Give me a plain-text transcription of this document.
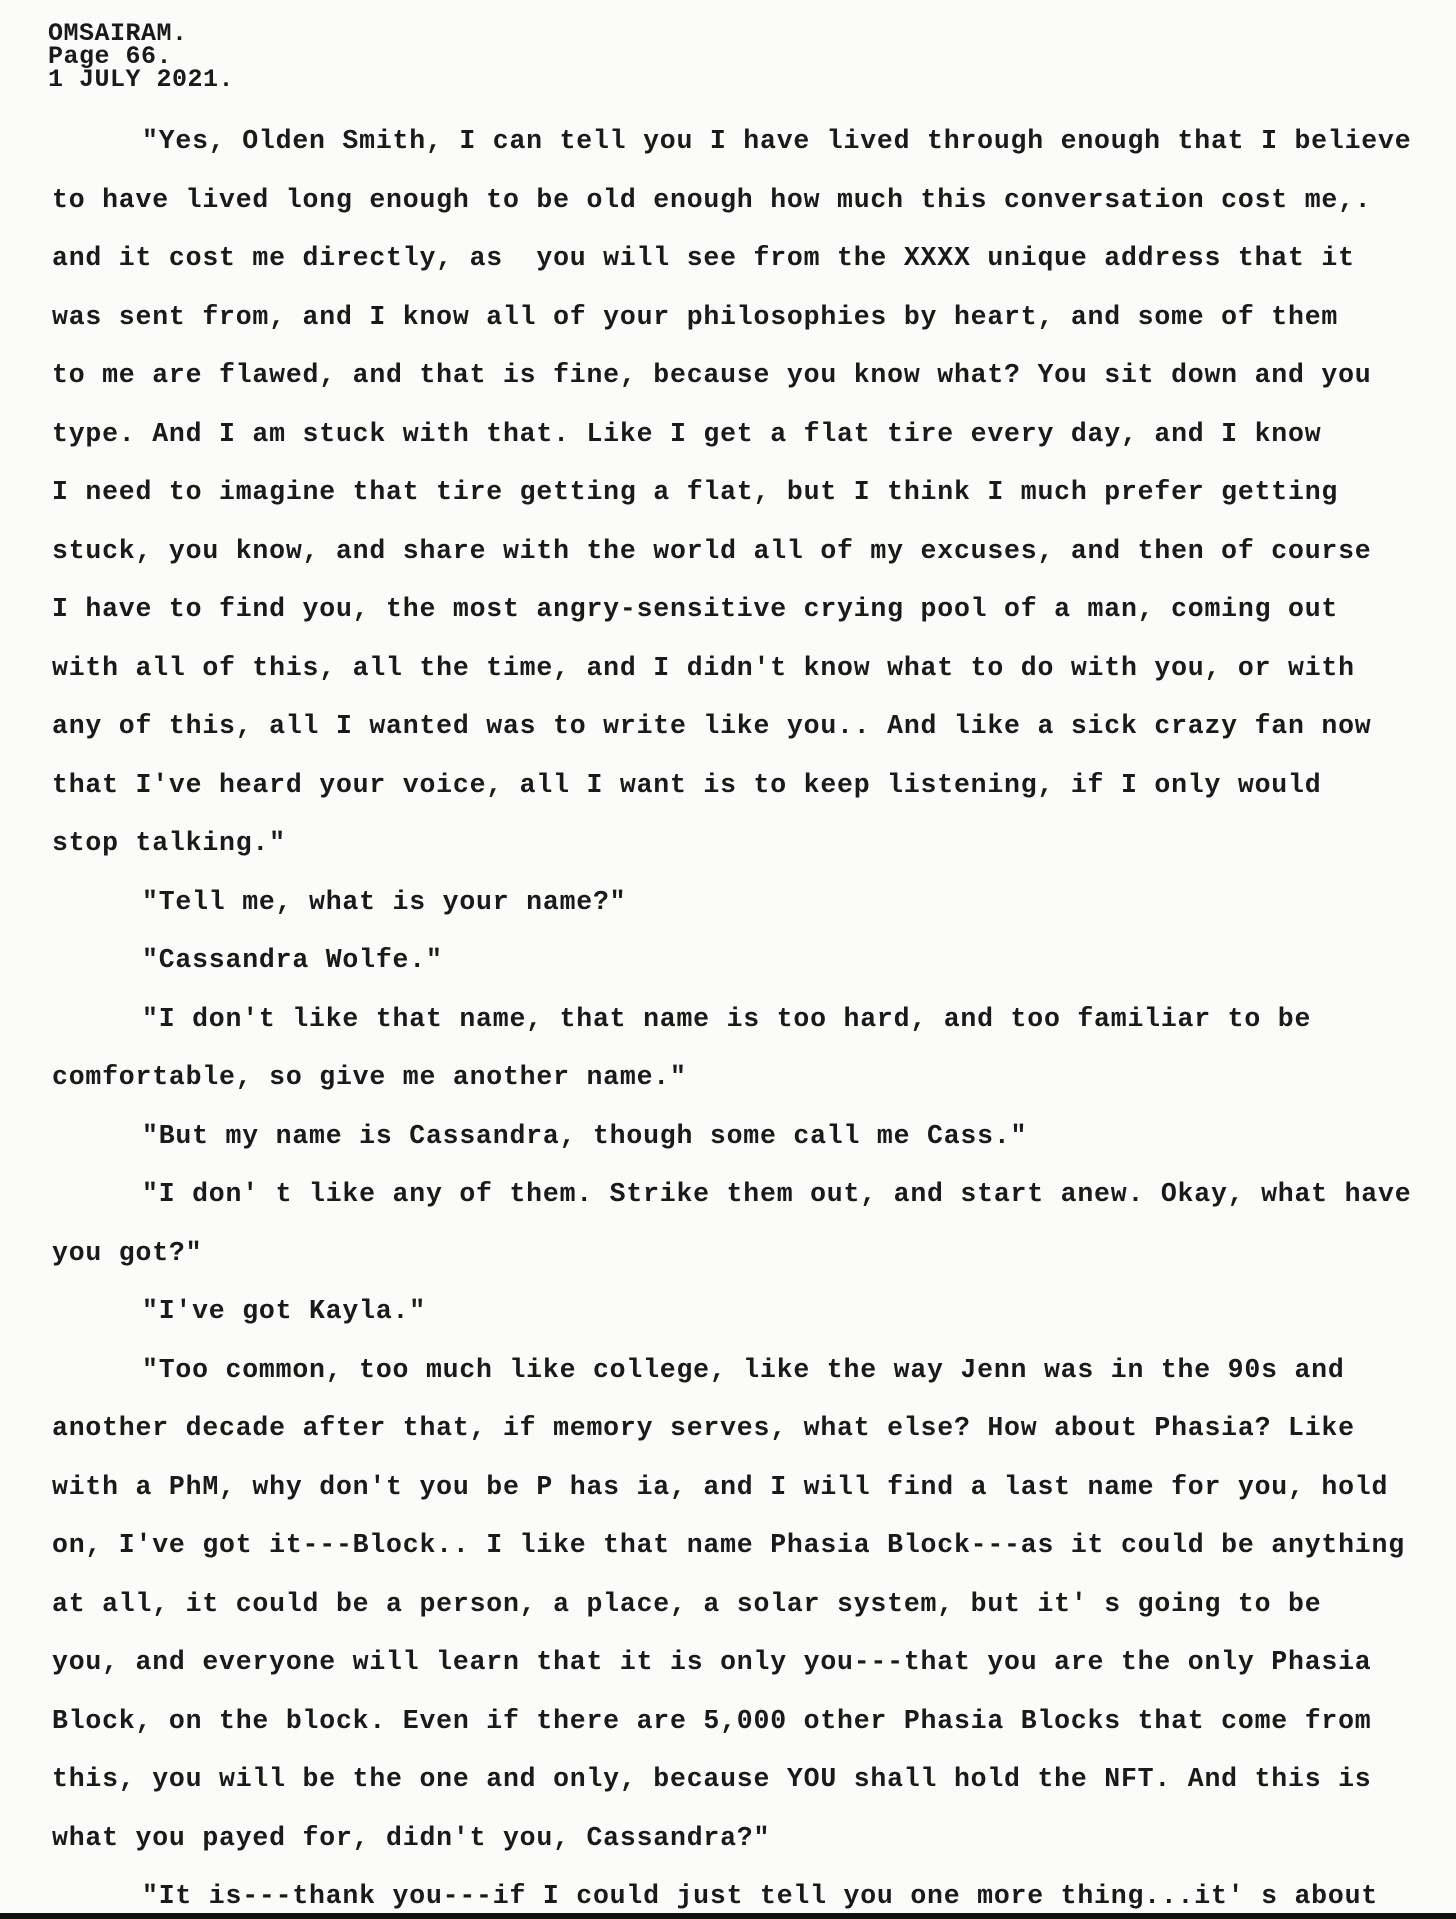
OMSAIRAM.
Page 66.
1 JULY 2021.
"Yes, Olden Smith, I can tell you I have lived through enough that I believe
to have lived long enough to be old enough how much this conversation cost me,.
and it cost me directly, as  you will see from the XXXX unique address that it
was sent from, and I know all of your philosophies by heart, and some of them
to me are flawed, and that is fine, because you know what? You sit down and you
type. And I am stuck with that. Like I get a flat tire every day, and I know
I need to imagine that tire getting a flat, but I think I much prefer getting
stuck, you know, and share with the world all of my excuses, and then of course
I have to find you, the most angry-sensitive crying pool of a man, coming out
with all of this, all the time, and I didn't know what to do with you, or with
any of this, all I wanted was to write like you.. And like a sick crazy fan now
that I've heard your voice, all I want is to keep listening, if I only would
stop talking."
"Tell me, what is your name?"
"Cassandra Wolfe."
"I don't like that name, that name is too hard, and too familiar to be
comfortable, so give me another name."
"But my name is Cassandra, though some call me Cass."
"I don' t like any of them. Strike them out, and start anew. Okay, what have
you got?"
"I've got Kayla."
"Too common, too much like college, like the way Jenn was in the 90s and
another decade after that, if memory serves, what else? How about Phasia? Like
with a PhM, why don't you be P has ia, and I will find a last name for you, hold
on, I've got it---Block.. I like that name Phasia Block---as it could be anything
at all, it could be a person, a place, a solar system, but it' s going to be
you, and everyone will learn that it is only you---that you are the only Phasia
Block, on the block. Even if there are 5,000 other Phasia Blocks that come from
this, you will be the one and only, because YOU shall hold the NFT. And this is
what you payed for, didn't you, Cassandra?"
"It is---thank you---if I could just tell you one more thing...it' s about
